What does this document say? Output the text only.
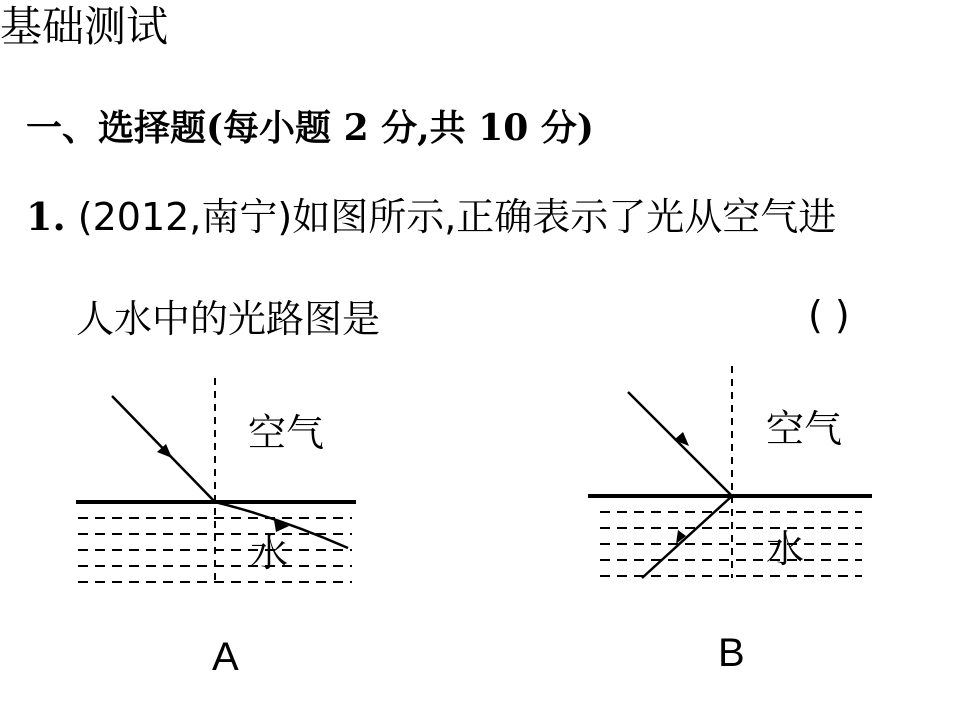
基础测试
一、选择题(每小题 2 分,共 10 分)
1. (2012,南宁)如图所示,正确表示了光从空气进
人水中的光路图是	( )
空气
水
A
空气
水
B
